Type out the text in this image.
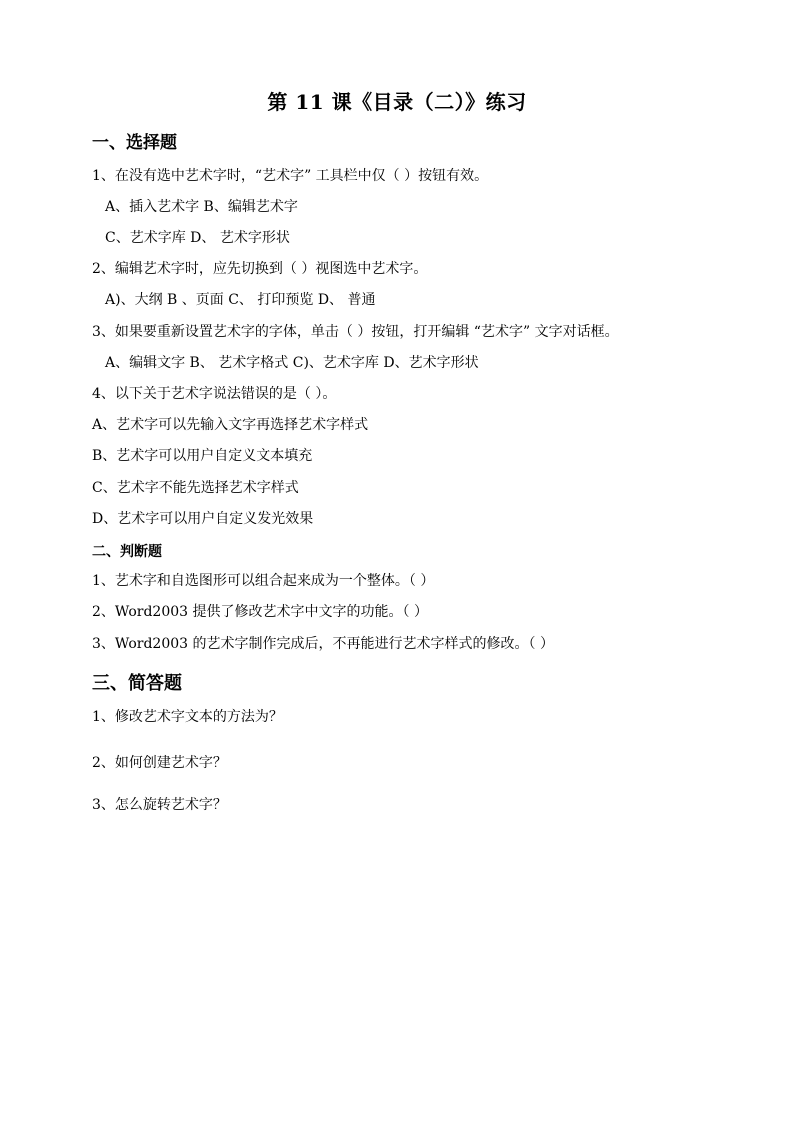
第 11 课《目录（二）》练习
一、选择题
1、在没有选中艺术字时，“艺术字” 工具栏中仅（ ）按钮有效。
A、插入艺术字 B、编辑艺术字
C、艺术字库 D、 艺术字形状
2、编辑艺术字时，应先切换到（ ）视图选中艺术字。
A)、大纲 B 、页面 C、 打印预览 D、 普通
3、如果要重新设置艺术字的字体，单击（ ）按钮，打开编辑 “艺术字” 文字对话框。
A、编辑文字 B、 艺术字格式 C)、艺术字库 D、艺术字形状
4、以下关于艺术字说法错误的是（ ）。
A、艺术字可以先输入文字再选择艺术字样式
B、艺术字可以用户自定义文本填充
C、艺术字不能先选择艺术字样式
D、艺术字可以用户自定义发光效果
二、判断题
1、艺术字和自选图形可以组合起来成为一个整体。（ ）
2、Word2003 提供了修改艺术字中文字的功能。（ ）
3、Word2003 的艺术字制作完成后，不再能进行艺术字样式的修改。（ ）
三、简答题
1、修改艺术字文本的方法为？
2、如何创建艺术字？
3、怎么旋转艺术字？
